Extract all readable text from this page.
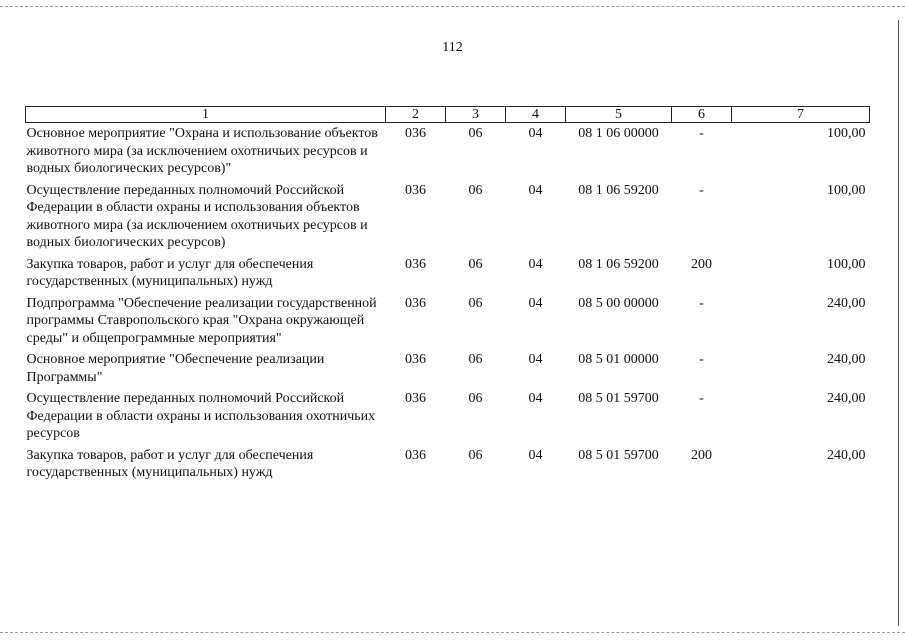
112
1	2	3	4	5	6	7
Основное мероприятие "Охрана и использование объектов животного мира (за исключением охотничьих ресурсов и водных биологических ресурсов)"	036	06	04	08 1 06 00000	-	100,00
Осуществление переданных полномочий Российской Федерации в области охраны и использования объектов животного мира (за исключением охотничьих ресурсов и водных биологических ресурсов)	036	06	04	08 1 06 59200	-	100,00
Закупка товаров, работ и услуг для обеспечения государственных (муниципальных) нужд	036	06	04	08 1 06 59200	200	100,00
Подпрограмма "Обеспечение реализации государственной программы Ставропольского края "Охрана окружающей среды" и общепрограммные мероприятия"	036	06	04	08 5 00 00000	-	240,00
Основное мероприятие "Обеспечение реализации Программы"	036	06	04	08 5 01 00000	-	240,00
Осуществление переданных полномочий Российской Федерации в области охраны и использования охотничьих ресурсов	036	06	04	08 5 01 59700	-	240,00
Закупка товаров, работ и услуг для обеспечения государственных (муниципальных) нужд	036	06	04	08 5 01 59700	200	240,00
